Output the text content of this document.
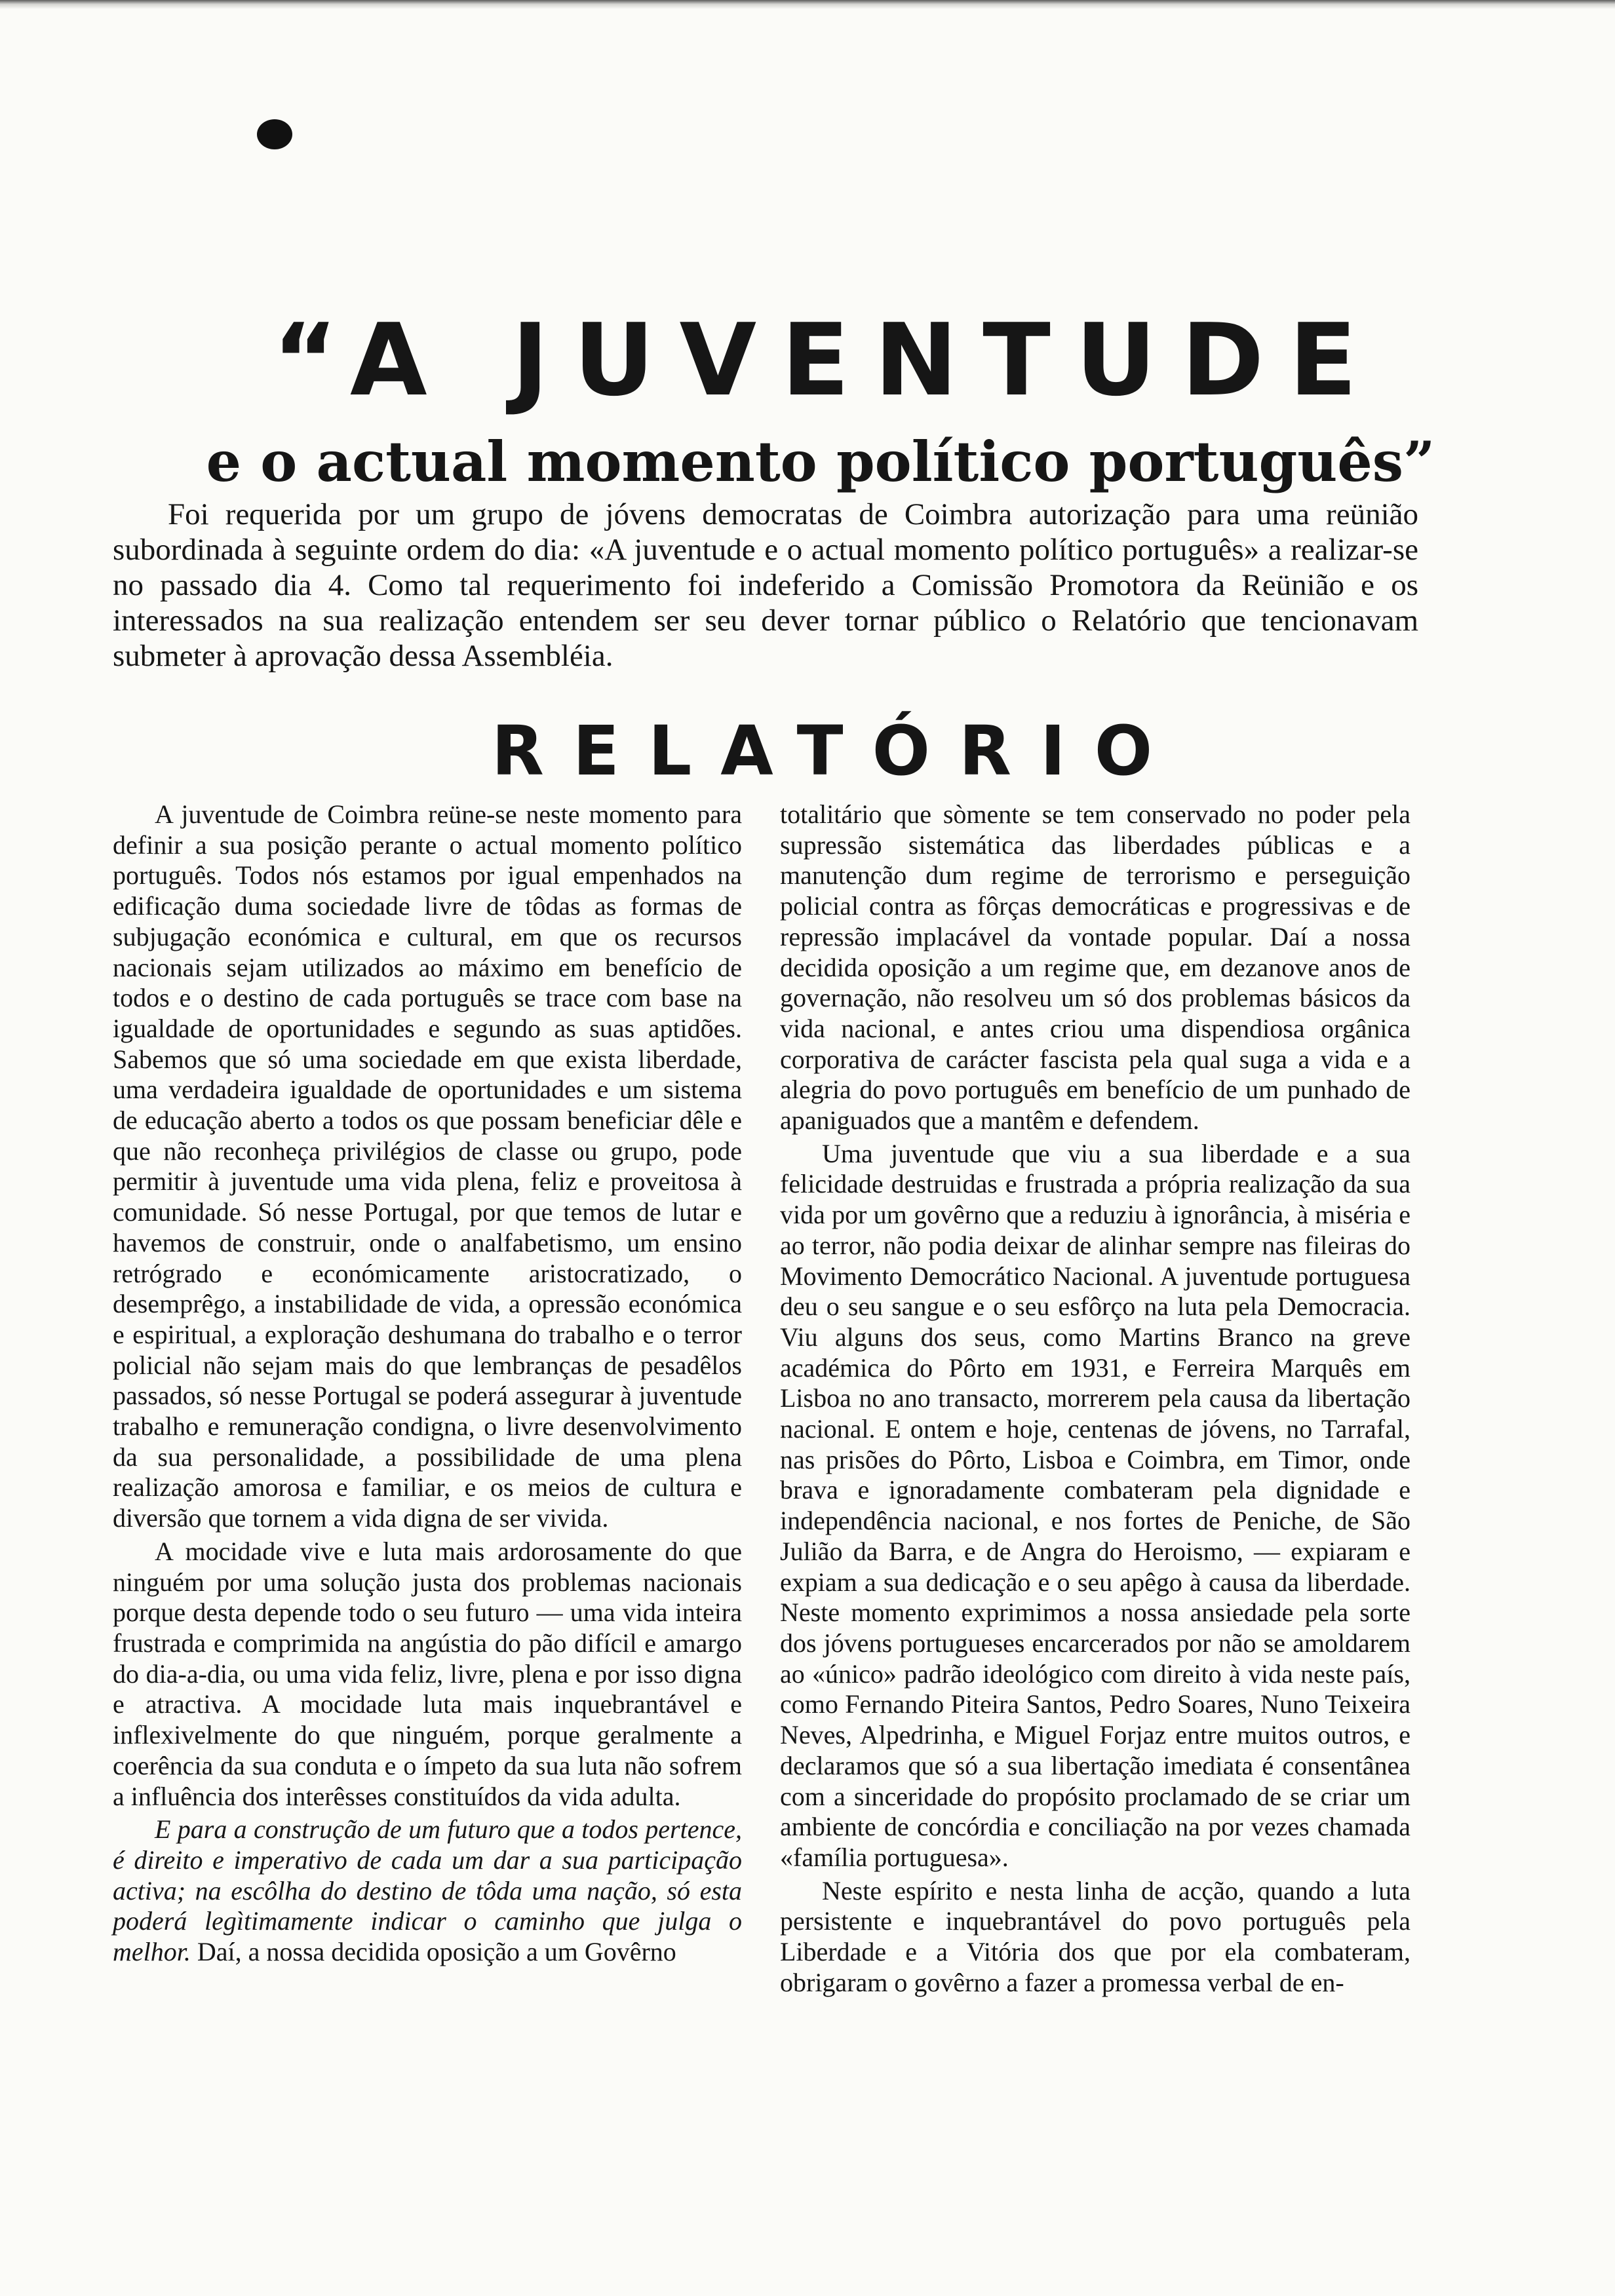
“A JUVENTUDE
e o actual momento político português”
Foi requerida por um grupo de jóvens democratas de Coimbra autorização para uma reünião subordinada à seguinte ordem do dia: «A juventude e o actual momento político português» a realizar-se no passado dia 4. Como tal requerimento foi indeferido a Comissão Promotora da Reünião e os interessados na sua realização entendem ser seu dever tornar público o Relatório que tencionavam submeter à aprovação dessa Assembléia.
RELATÓRIO

A juventude de Coimbra reüne-se neste momento para definir a sua posição perante o actual momento político português. Todos nós estamos por igual empenhados na edificação duma sociedade livre de tôdas as formas de subjugação económica e cultural, em que os recursos nacionais sejam utilizados ao máximo em benefício de todos e o destino de cada português se trace com base na igualdade de oportunidades e segundo as suas aptidões. Sabemos que só uma sociedade em que exista liberdade, uma verdadeira igualdade de oportunidades e um sistema de educação aberto a todos os que possam beneficiar dêle e que não reconheça privilégios de classe ou grupo, pode permitir à juventude uma vida plena, feliz e proveitosa à comunidade. Só nesse Portugal, por que temos de lutar e havemos de construir, onde o analfabetismo, um ensino retrógrado e económicamente aristocratizado, o desemprêgo, a instabilidade de vida, a opressão económica e espiritual, a exploração deshumana do trabalho e o terror policial não sejam mais do que lembranças de pesadêlos passados, só nesse Portugal se poderá assegurar à juventude trabalho e remuneração condigna, o livre desenvolvimento da sua personalidade, a possibilidade de uma plena realização amorosa e familiar, e os meios de cultura e diversão que tornem a vida digna de ser vivida.

A mocidade vive e luta mais ardorosamente do que ninguém por uma solução justa dos problemas nacionais porque desta depende todo o seu futuro — uma vida inteira frustrada e comprimida na angústia do pão difícil e amargo do dia-a-dia, ou uma vida feliz, livre, plena e por isso digna e atractiva. A mocidade luta mais inquebrantável e inflexivelmente do que ninguém, porque geralmente a coerência da sua conduta e o ímpeto da sua luta não sofrem a influência dos interêsses constituídos da vida adulta.

E para a construção de um futuro que a todos pertence, é direito e imperativo de cada um dar a sua participação activa; na escôlha do destino de tôda uma nação, só esta poderá legìtimamente indicar o caminho que julga o melhor. Daí, a nossa decidida oposição a um Govêrno

totalitário que sòmente se tem conservado no poder pela supressão sistemática das liberdades públicas e a manutenção dum regime de terrorismo e perseguição policial contra as fôrças democráticas e progressivas e de repressão implacável da vontade popular. Daí a nossa decidida oposição a um regime que, em dezanove anos de governação, não resolveu um só dos problemas básicos da vida nacional, e antes criou uma dispendiosa orgânica corporativa de carácter fascista pela qual suga a vida e a alegria do povo português em benefício de um punhado de apaniguados que a mantêm e defendem.

Uma juventude que viu a sua liberdade e a sua felicidade destruidas e frustrada a própria realização da sua vida por um govêrno que a reduziu à ignorância, à miséria e ao terror, não podia deixar de alinhar sempre nas fileiras do Movimento Democrático Nacional. A juventude portuguesa deu o seu sangue e o seu esfôrço na luta pela Democracia. Viu alguns dos seus, como Martins Branco na greve académica do Pôrto em 1931, e Ferreira Marquês em Lisboa no ano transacto, morrerem pela causa da libertação nacional. E ontem e hoje, centenas de jóvens, no Tarrafal, nas prisões do Pôrto, Lisboa e Coimbra, em Timor, onde brava e ignoradamente combateram pela dignidade e independência nacional, e nos fortes de Peniche, de São Julião da Barra, e de Angra do Heroismo, — expiaram e expiam a sua dedicação e o seu apêgo à causa da liberdade. Neste momento exprimimos a nossa ansiedade pela sorte dos jóvens portugueses encarcerados por não se amoldarem ao «único» padrão ideológico com direito à vida neste país, como Fernando Piteira Santos, Pedro Soares, Nuno Teixeira Neves, Alpedrinha, e Miguel Forjaz entre muitos outros, e declaramos que só a sua libertação imediata é consentânea com a sinceridade do propósito proclamado de se criar um ambiente de concórdia e conciliação na por vezes chamada «família portuguesa».

Neste espírito e nesta linha de acção, quando a luta persistente e inquebrantável do povo português pela Liberdade e a Vitória dos que por ela combateram, obrigaram o govêrno a fazer a promessa verbal de en-
